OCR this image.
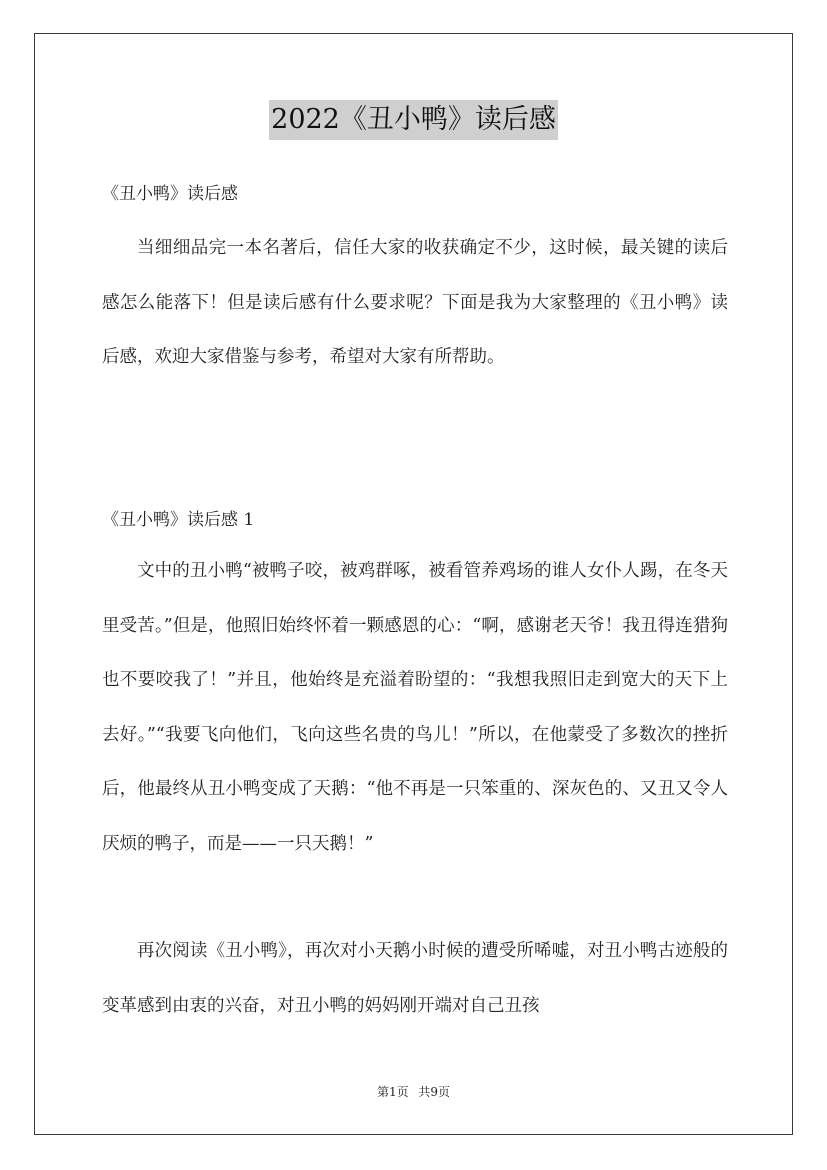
2022《丑小鸭》读后感
《丑小鸭》读后感

当细细品完一本名著后，信任大家的收获确定不少，这时候，最关键的读后感怎么能落下！但是读后感有什么要求呢？下面是我为大家整理的《丑小鸭》读后感，欢迎大家借鉴与参考，希望对大家有所帮助。

《丑小鸭》读后感 1

文中的丑小鸭“被鸭子咬，被鸡群啄，被看管养鸡场的谁人女仆人踢，在冬天里受苦。”但是，他照旧始终怀着一颗感恩的心：“啊，感谢老天爷！我丑得连猎狗也不要咬我了！”并且，他始终是充溢着盼望的：“我想我照旧走到宽大的天下上去好。”“我要飞向他们，飞向这些名贵的鸟儿！”所以，在他蒙受了多数次的挫折后，他最终从丑小鸭变成了天鹅：“他不再是一只笨重的、深灰色的、又丑又令人厌烦的鸭子，而是——一只天鹅！”

再次阅读《丑小鸭》，再次对小天鹅小时候的遭受所唏嘘，对丑小鸭古迹般的变革感到由衷的兴奋，对丑小鸭的妈妈刚开端对自己丑孩

第1页 共9页
